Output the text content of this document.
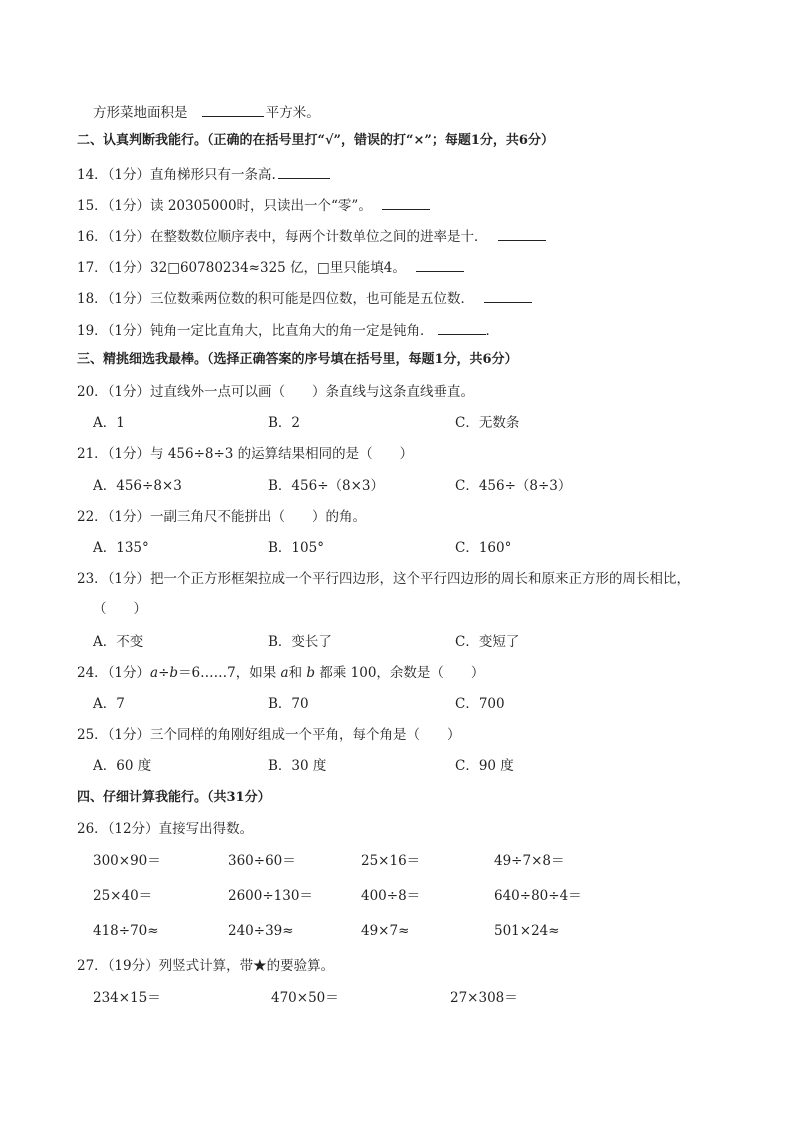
方形菜地面积是	平方米。
二、认真判断我能行。（正确的在括号里打“√”，错误的打“×”；每题1分，共6分）
14．（1分）直角梯形只有一条高.
15．（1分）读 20305000时，只读出一个“零”。
16．（1分）在整数数位顺序表中，每两个计数单位之间的进率是十．
17．（1分）32□60780234≈325 亿，□里只能填4。
18．（1分）三位数乘两位数的积可能是四位数，也可能是五位数．
19．（1分）钝角一定比直角大，比直角大的角一定是钝角．	．
三、精挑细选我最棒。（选择正确答案的序号填在括号里，每题1分，共6分）
20．（1分）过直线外一点可以画（　　）条直线与这条直线垂直。
A．1	B．2	C．无数条
21．（1分）与 456÷8÷3 的运算结果相同的是（　　）
A．456÷8×3	B．456÷（8×3）	C．456÷（8÷3）
22．（1分）一副三角尺不能拼出（　　）的角。
A．135°	B．105°	C．160°
23．（1分）把一个正方形框架拉成一个平行四边形，这个平行四边形的周长和原来正方形的周长相比，
（　　）
A．不变	B．变长了	C．变短了
24．（1分）a÷b＝6……7，如果 a和 b 都乘 100，余数是（　　）
A．7	B．70	C．700
25．（1分）三个同样的角刚好组成一个平角，每个角是（　　）
A．60 度	B．30 度	C．90 度
四、仔细计算我能行。（共31分）
26．（12分）直接写出得数。
300×90＝	360÷60＝	25×16＝	49÷7×8＝
25×40＝	2600÷130＝	400÷8＝	640÷80÷4＝
418÷70≈	240÷39≈	49×7≈	501×24≈
27．（19分）列竖式计算，带★的要验算。
234×15＝	470×50＝	27×308＝
